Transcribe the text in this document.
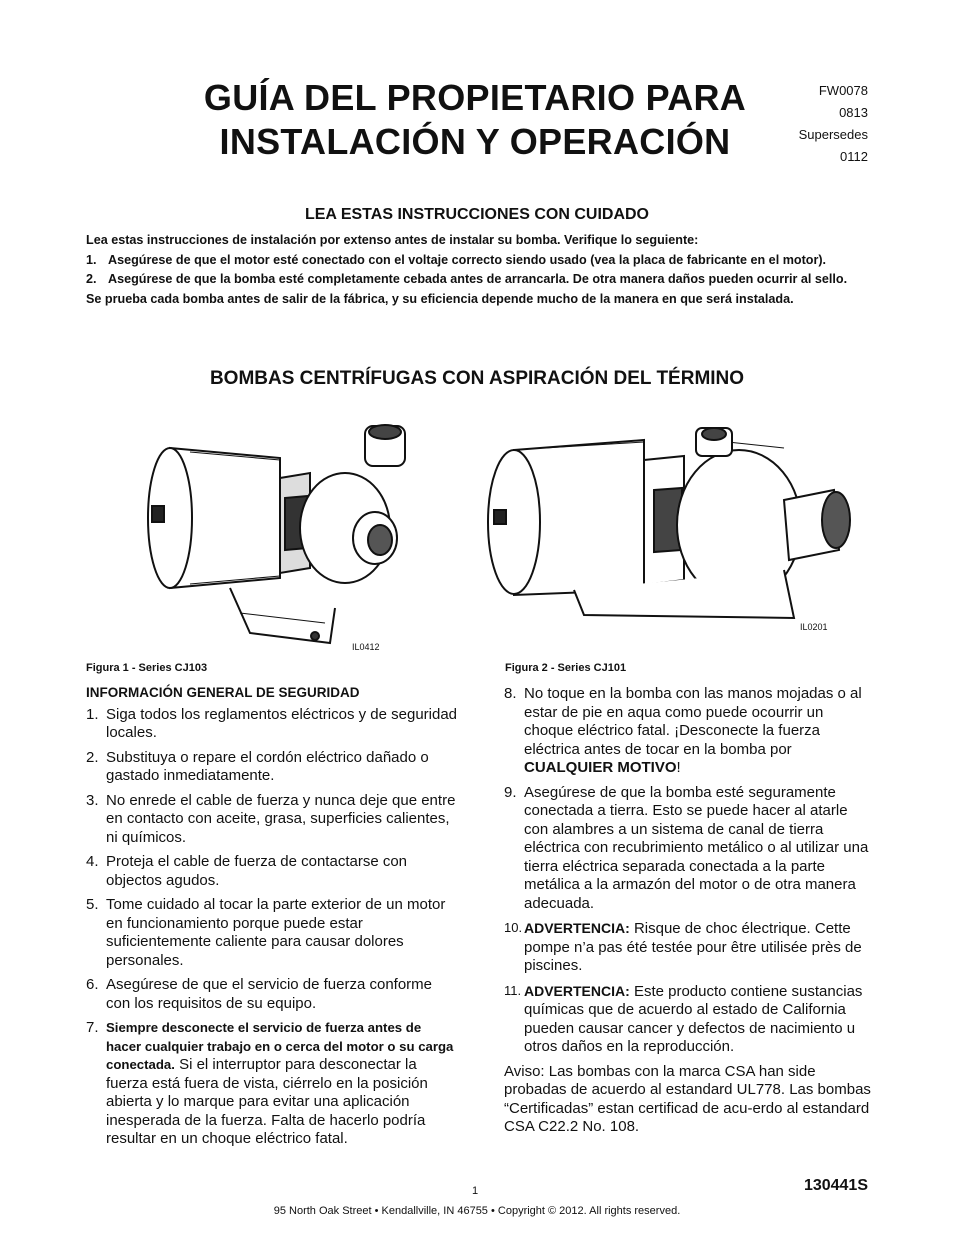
GUÍA DEL PROPIETARIO PARA
INSTALACIÓN Y OPERACIÓN
FW0078
0813
Supersedes
0112
LEA ESTAS INSTRUCCIONES CON CUIDADO

Lea estas instrucciones de instalación por extenso antes de instalar su bomba. Verifique lo seguiente:

1. Asegúrese de que el motor esté conectado con el voltaje correcto siendo usado (vea la placa de fabricante en el motor).
2. Asegúrese de que la bomba esté completamente cebada antes de arrancarla. De otra manera daños pueden ocurrir al sello.

Se prueba cada bomba antes de salir de la fábrica, y su eficiencia depende mucho de la manera en que será instalada.

BOMBAS CENTRÍFUGAS CON ASPIRACIÓN DEL TÉRMINO
IL0412
Figura 1 - Series CJ103
IL0201
Figura 2 - Series CJ101
INFORMACIÓN GENERAL DE SEGURIDAD
1. Siga todos los reglamentos eléctricos y de seguridad locales.
2. Substituya o repare el cordón eléctrico dañado o gastado inmediatamente.
3. No enrede el cable de fuerza y nunca deje que entre en contacto con aceite, grasa, superficies calientes, ni químicos.
4. Proteja el cable de fuerza de contactarse con objectos agudos.
5. Tome cuidado al tocar la parte exterior de un motor en funcionamiento porque puede estar suficientemente caliente para causar dolores personales.
6. Asegúrese de que el servicio de fuerza conforme con los requisitos de su equipo.
7. Siempre desconecte el servicio de fuerza antes de hacer cualquier trabajo en o cerca del motor o su carga conectada. Si el interruptor para desconectar la fuerza está fuera de vista, ciérrelo en la posición abierta y lo marque para evitar una aplicación inesperada de la fuerza. Falta de hacerlo podría resultar en un choque eléctrico fatal.
8. No toque en la bomba con las manos mojadas o al estar de pie en aqua como puede ocourrir un choque eléctrico fatal. ¡Desconecte la fuerza eléctrica antes de tocar en la bomba por CUALQUIER MOTIVO!
9. Asegúrese de que la bomba esté seguramente conectada a tierra. Esto se puede hacer al atarle con alambres a un sistema de canal de tierra eléctrica con recubrimiento metálico o al utilizar una tierra eléctrica separada conectada a la parte metálica a la armazón del motor o de otra manera adecuada.
10. ADVERTENCIA: Risque de choc électrique. Cette pompe n’a pas été testée pour être utilisée près de piscines.
11. ADVERTENCIA: Este producto contiene sustancias químicas que de acuerdo al estado de California pueden causar cancer y defectos de nacimiento u otros daños en la reproducción.
Aviso: Las bombas con la marca CSA han side probadas de acuerdo al estandard UL778. Las bombas “Certificadas” estan certificad de acu-erdo al estandard CSA C22.2 No. 108.
1	130441S
95 North Oak Street • Kendallville, IN 46755 • Copyright © 2012. All rights reserved.
